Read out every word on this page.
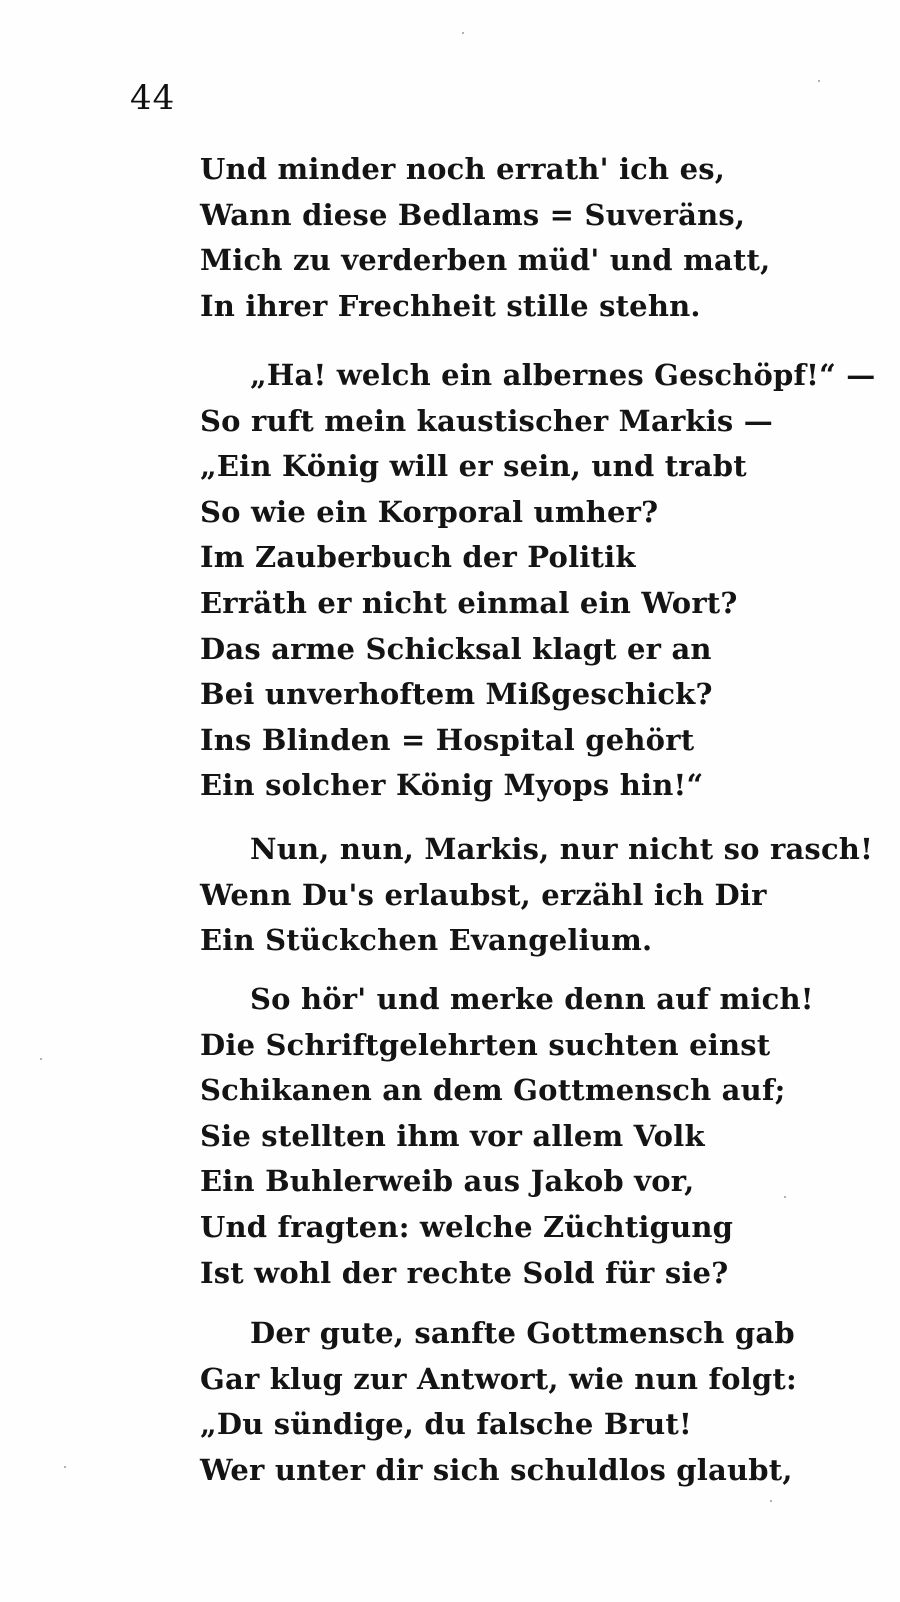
44
Und minder noch errath' ich es,
Wann diese Bedlams = Suveräns,
Mich zu verderben müd' und matt,
In ihrer Frechheit stille stehn.
„Ha! welch ein albernes Geschöpf!“ —
So ruft mein kaustischer Markis —
„Ein König will er sein, und trabt
So wie ein Korporal umher?
Im Zauberbuch der Politik
Erräth er nicht einmal ein Wort?
Das arme Schicksal klagt er an
Bei unverhoftem Mißgeschick?
Ins Blinden = Hospital gehört
Ein solcher König Myops hin!“
Nun, nun, Markis, nur nicht so rasch!
Wenn Du's erlaubst, erzähl ich Dir
Ein Stückchen Evangelium.
So hör' und merke denn auf mich!
Die Schriftgelehrten suchten einst
Schikanen an dem Gottmensch auf;
Sie stellten ihm vor allem Volk
Ein Buhlerweib aus Jakob vor,
Und fragten: welche Züchtigung
Ist wohl der rechte Sold für sie?
Der gute, sanfte Gottmensch gab
Gar klug zur Antwort, wie nun folgt:
„Du sündige, du falsche Brut!
Wer unter dir sich schuldlos glaubt,
